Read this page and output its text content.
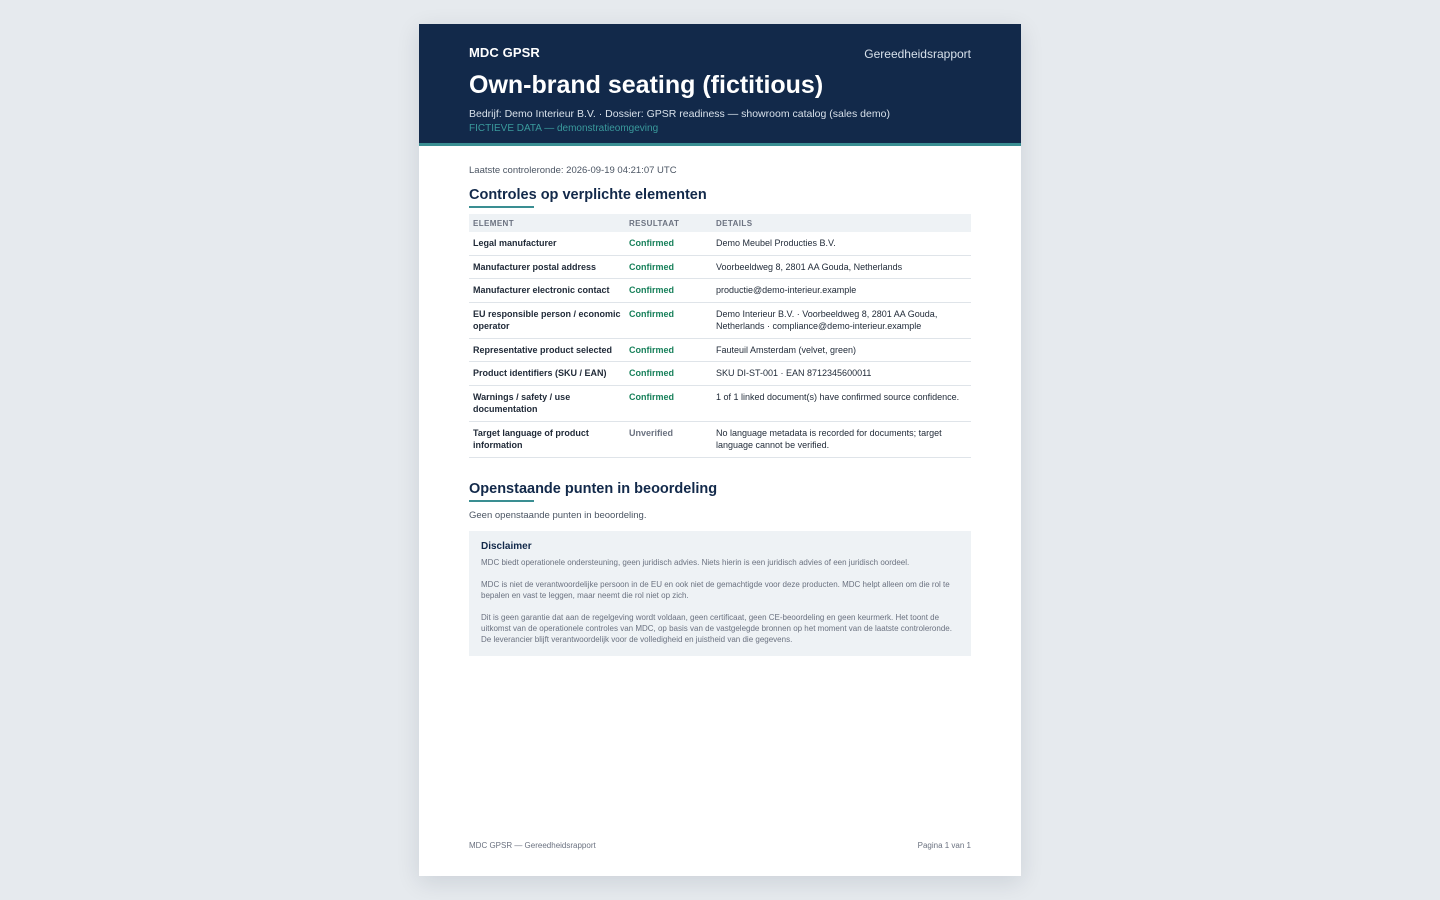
MDC GPSR	Gereedheidsrapport
Own-brand seating (fictitious)
Bedrijf: Demo Interieur B.V. · Dossier: GPSR readiness — showroom catalog (sales demo)
FICTIEVE DATA — demonstratieomgeving
Laatste controleronde: 2026-09-19 04:21:07 UTC
Controles op verplichte elementen
ELEMENT	RESULTAAT	DETAILS
Legal manufacturer	Confirmed	Demo Meubel Producties B.V.
Manufacturer postal address	Confirmed	Voorbeeldweg 8, 2801 AA Gouda, Netherlands
Manufacturer electronic contact	Confirmed	productie@demo-interieur.example
EU responsible person / economic operator	Confirmed	Demo Interieur B.V. · Voorbeeldweg 8, 2801 AA Gouda, Netherlands · compliance@demo-interieur.example
Representative product selected	Confirmed	Fauteuil Amsterdam (velvet, green)
Product identifiers (SKU / EAN)	Confirmed	SKU DI-ST-001 · EAN 8712345600011
Warnings / safety / use documentation	Confirmed	1 of 1 linked document(s) have confirmed source confidence.
Target language of product information	Unverified	No language metadata is recorded for documents; target language cannot be verified.
Openstaande punten in beoordeling
Geen openstaande punten in beoordeling.
Disclaimer

MDC biedt operationele ondersteuning, geen juridisch advies. Niets hierin is een juridisch advies of een juridisch oordeel.

MDC is niet de verantwoordelijke persoon in de EU en ook niet de gemachtigde voor deze producten. MDC helpt alleen om die rol te bepalen en vast te leggen, maar neemt die rol niet op zich.

Dit is geen garantie dat aan de regelgeving wordt voldaan, geen certificaat, geen CE-beoordeling en geen keurmerk. Het toont de uitkomst van de operationele controles van MDC, op basis van de vastgelegde bronnen op het moment van de laatste controleronde. De leverancier blijft verantwoordelijk voor de volledigheid en juistheid van die gegevens.

MDC GPSR — Gereedheidsrapport	Pagina 1 van 1
